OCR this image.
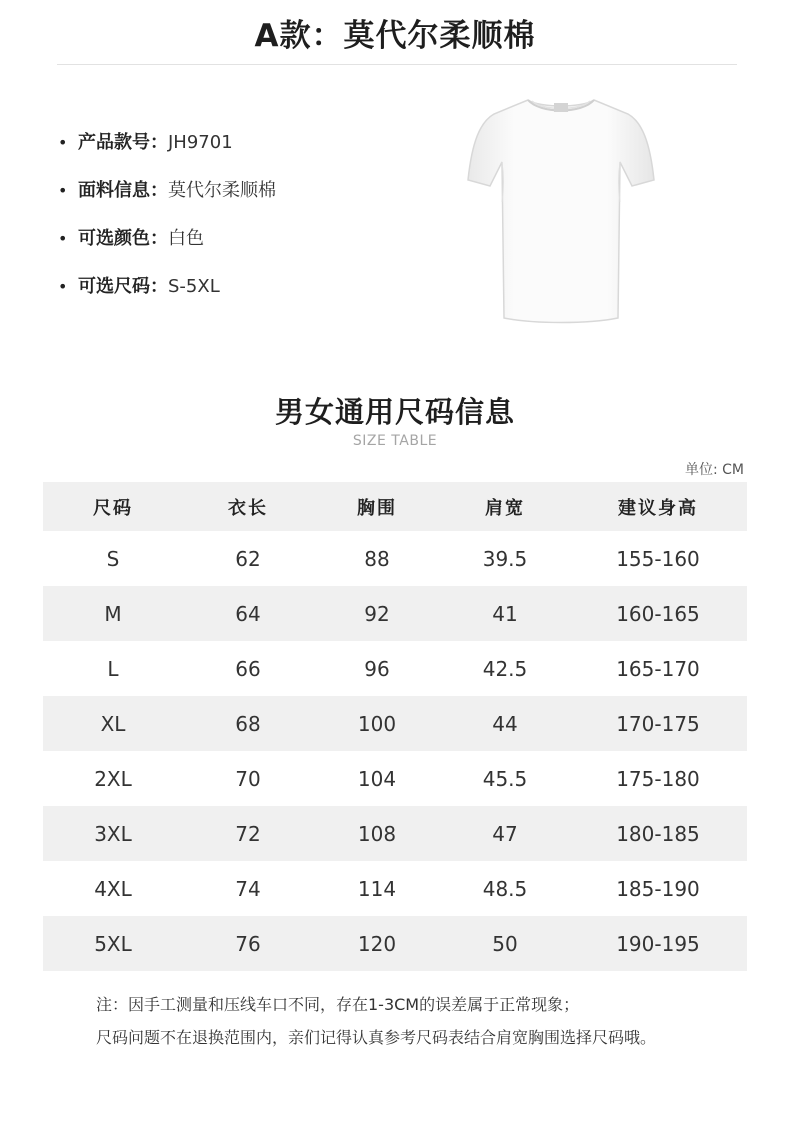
A款：莫代尔柔顺棉
• 产品款号： JH9701
• 面料信息： 莫代尔柔顺棉
• 可选颜色： 白色
• 可选尺码： S-5XL
男女通用尺码信息
SIZE TABLE
单位: CM
尺码	衣长	胸围	肩宽	建议身高
S	62	88	39.5	155-160
M	64	92	41	160-165
L	66	96	42.5	165-170
XL	68	100	44	170-175
2XL	70	104	45.5	175-180
3XL	72	108	47	180-185
4XL	74	114	48.5	185-190
5XL	76	120	50	190-195
注：因手工测量和压线车口不同，存在1-3CM的误差属于正常现象；
尺码问题不在退换范围内，亲们记得认真参考尺码表结合肩宽胸围选择尺码哦。
